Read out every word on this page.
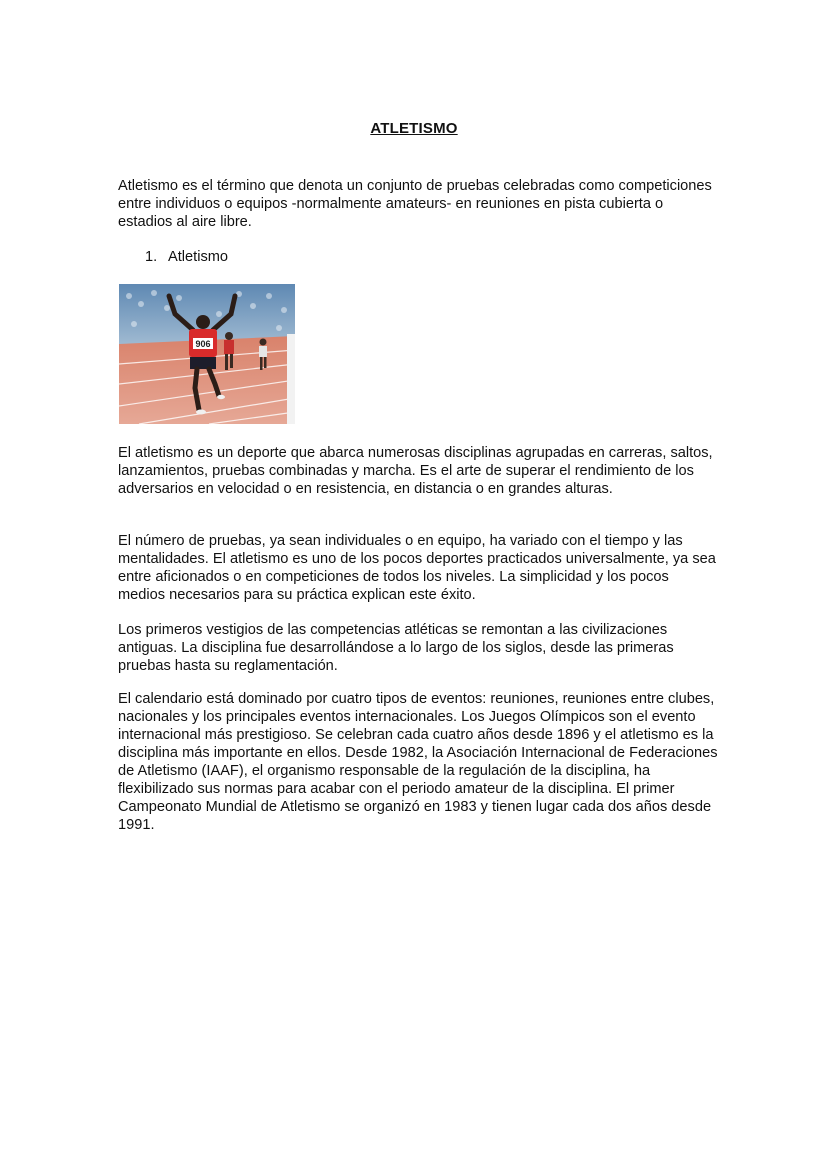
ATLETISMO

Atletismo es el término que denota un conjunto de pruebas celebradas como competiciones entre individuos o equipos -normalmente amateurs- en reuniones en pista cubierta o estadios al aire libre.

1. Atletismo
906

El atletismo es un deporte que abarca numerosas disciplinas agrupadas en carreras, saltos, lanzamientos, pruebas combinadas y marcha. Es el arte de superar el rendimiento de los adversarios en velocidad o en resistencia, en distancia o en grandes alturas.

El número de pruebas, ya sean individuales o en equipo, ha variado con el tiempo y las mentalidades. El atletismo es uno de los pocos deportes practicados universalmente, ya sea entre aficionados o en competiciones de todos los niveles. La simplicidad y los pocos medios necesarios para su práctica explican este éxito.

Los primeros vestigios de las competencias atléticas se remontan a las civilizaciones antiguas. La disciplina fue desarrollándose a lo largo de los siglos, desde las primeras pruebas hasta su reglamentación.

El calendario está dominado por cuatro tipos de eventos: reuniones, reuniones entre clubes, nacionales y los principales eventos internacionales. Los Juegos Olímpicos son el evento internacional más prestigioso. Se celebran cada cuatro años desde 1896 y el atletismo es la disciplina más importante en ellos. Desde 1982, la Asociación Internacional de Federaciones de Atletismo (IAAF), el organismo responsable de la regulación de la disciplina, ha flexibilizado sus normas para acabar con el periodo amateur de la disciplina. El primer Campeonato Mundial de Atletismo se organizó en 1983 y tienen lugar cada dos años desde 1991.
